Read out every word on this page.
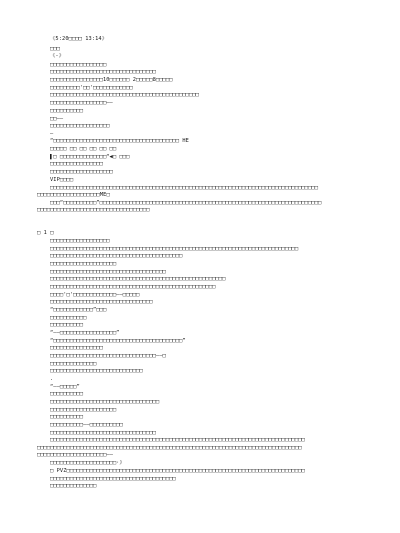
《5:20□□□□ 13:14》
□□□
《-》
□□□□□□□□□□□□□□□□□
□□□□□□□□□□□□□□□□□□□□□□□□□□□□□□□□
□□□□□□□□□□□□□□□□10□□□□□□ 2□□□□□8□□□□□
□□□□□□□□□'□□'□□□□□□□□□□□□
□□□□□□□□□□□□□□□□□□□□□□□□□□□□□□□□□□□□□□□□□□□□□
□□□□□□□□□□□□□□□□□——
□□□□□□□□□□
□□——
□□□□□□□□□□□□□□□□□□
—
“□□□□□□□□□□□□□□□□□□□□□□□□□□□□□□□□□□□□□□ HE
□□□□□ □□ □□ □□ □□ □□
▌□ □□□□□□□□□□□□□□“◀□ □□□
□□□□□□□□□□□□□□□□
□□□□□□□□□□□□□□□□□□□
VIP□□□□
□□□□□□□□□□□□□□□□□□□□□□□□□□□□□□□□□□□□□□□□□□□□□□□□□□□□□□□□□□□□□□□□□□□□□□□□□□□□□□□□□
□□□□□□□□□□□□□□□□□□□ME□
□□□“□□□□□□□□□□”□□□□□□□□□□□□□□□□□□□□□□□□□□□□□□□□□□□□□□□□□□□□□□□□□□□□□□□□□□□□□□□□□□□
□□□□□□□□□□□□□□□□□□□□□□□□□□□□□□□□□□
□ 1 □
□□□□□□□□□□□□□□□□□□
□□□□□□□□□□□□□□□□□□□□□□□□□□□□□□□□□□□□□□□□□□□□□□□□□□□□□□□□□□□□□□□□□□□□□□□□□□□
□□□□□□□□□□□□□□□□□□□□□□□□□□□□□□□□□□□□□□□□
□□□□□□□□□□□□□□□□□□□□
□□□□□□□□□□□□□□□□□□□□□□□□□□□□□□□□□□□
□□□□□□□□□□□□□□□□□□□□□□□□□□□□□□□□□□□□□□□□□□□□□□□□□□□□□
□□□□□□□□□□□□□□□□□□□□□□□□□□□□□□□□□□□□□□□□□□□□□□□□□□
□□□□'□'□□□□□□□□□□□□□——□□□□□
□□□□□□□□□□□□□□□□□□□□□□□□□□□□□□□
“□□□□□□□□□□□□”□□□
□□□□□□□□□□□
□□□□□□□□□□
“——□□□□□□□□□□□□□□□□□”
“□□□□□□□□□□□□□□□□□□□□□□□□□□□□□□□□□□□□□□□”
□□□□□□□□□□□□□□□□
□□□□□□□□□□□□□□□□□□□□□□□□□□□□□□□□——□
□□□□□□□□□□□□□□
□□□□□□□□□□□□□□□□□□□□□□□□□□□□
.
“——□□□□□”
□□□□□□□□□□
□□□□□□□□□□□□□□□□□□□□□□□□□□□□□□□□□
□□□□□□□□□□□□□□□□□□□□
□□□□□□□□□□
□□□□□□□□□□——□□□□□□□□□□
□□□□□□□□□□□□□□□□□□□□□□□□□□□□□□□□
□□□□□□□□□□□□□□□□□□□□□□□□□□□□□□□□□□□□□□□□□□□□□□□□□□□□□□□□□□□□□□□□□□□□□□□□□□□□□
□□□□□□□□□□□□□□□□□□□□□□□□□□□□□□□□□□□□□□□□□□□□□□□□□□□□□□□□□□□□□□□□□□□□□□□□□□□□□□□□
□□□□□□□□□□□□□□□□□□□□□——
□□□□□□□□□□□□□□□□□□□□·》
□ PVZ□□□□□□□□□□□□□□□□□□□□□□□□□□□□□□□□□□□□□□□□□□□□□□□□□□□□□□□□□□□□□□□□□□□□□□□□
□□□□□□□□□□□□□□□□□□□□□□□□□□□□□□□□□□□□□□
□□□□□□□□□□□□□□
